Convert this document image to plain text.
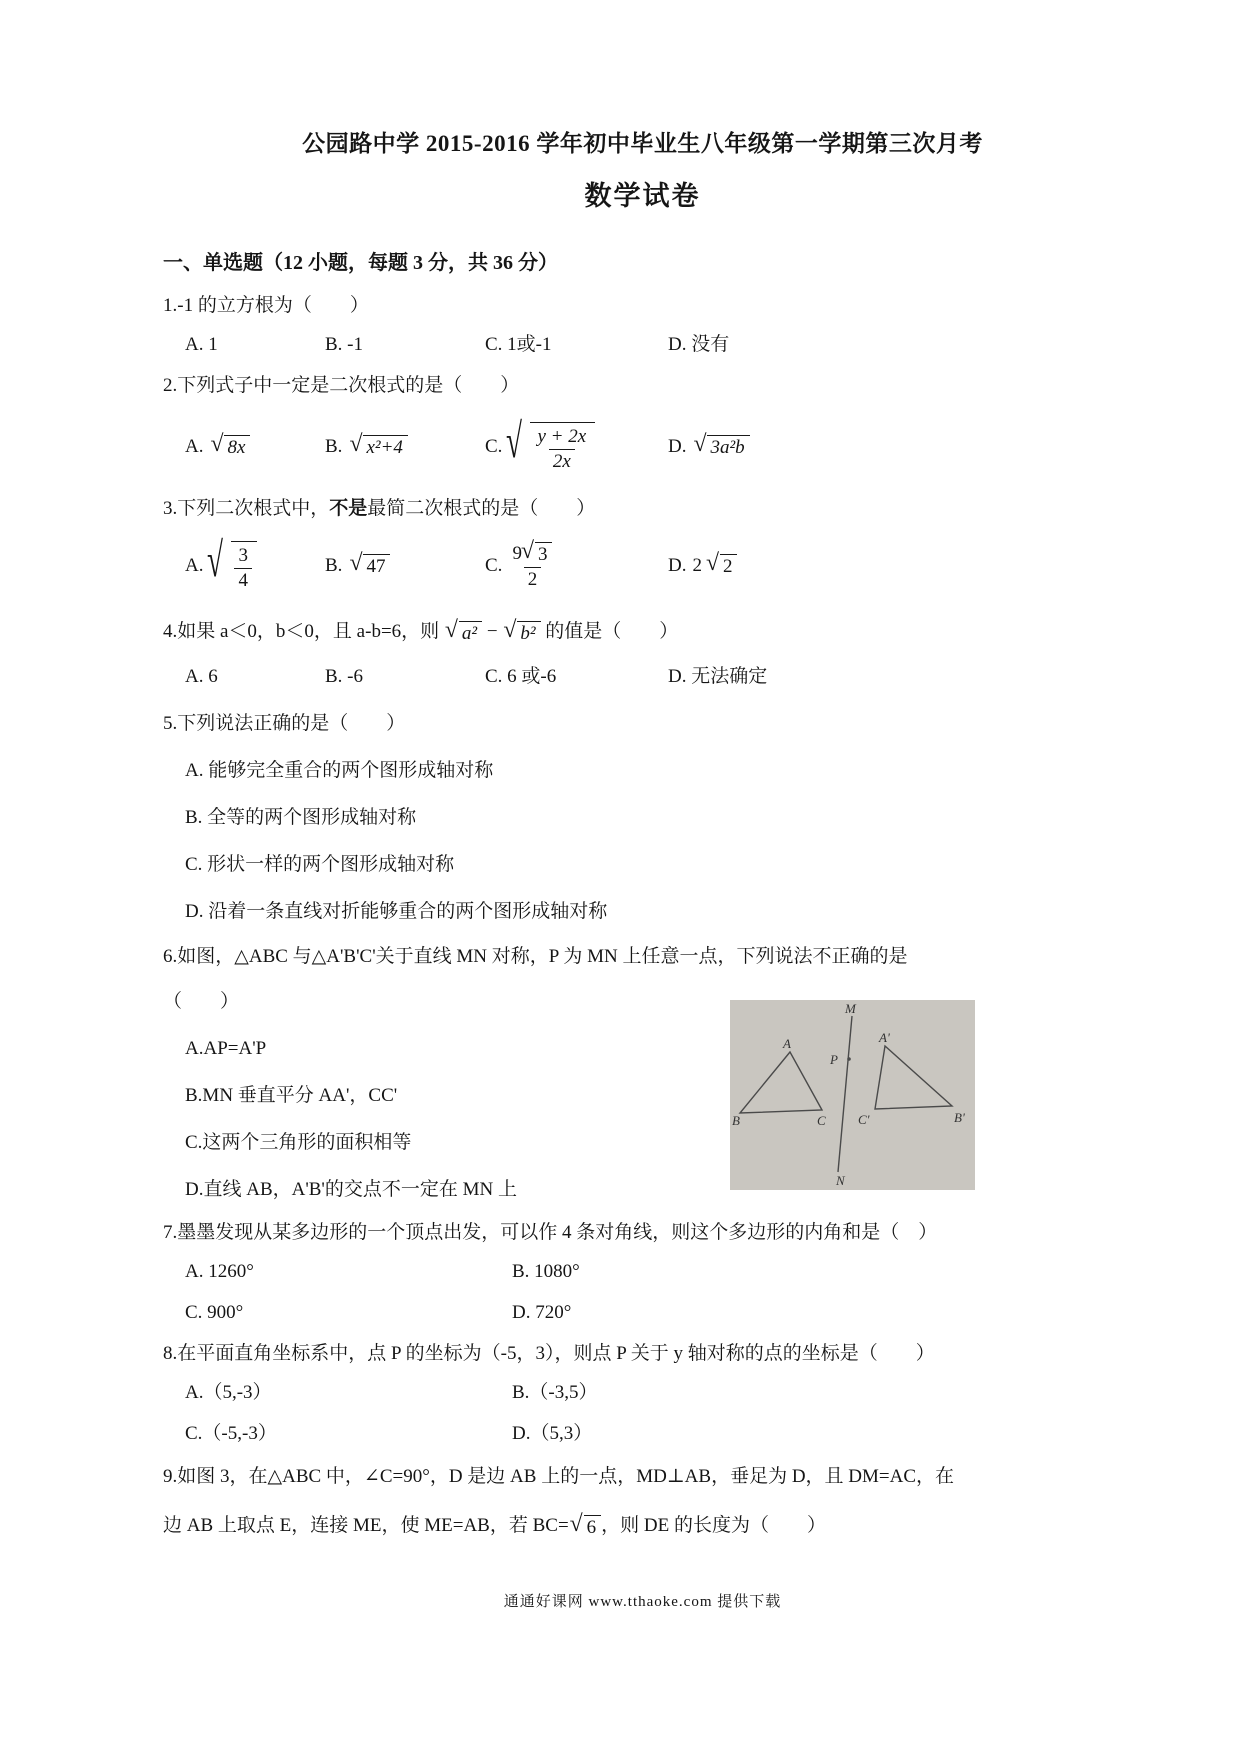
公园路中学 2015-2016 学年初中毕业生八年级第一学期第三次月考
数学试卷

一、单选题（12 小题，每题 3 分，共 36 分）

1.-1 的立方根为（　　）

A. 1	B. -1	C. 1或-1	D. 没有

2.下列式子中一定是二次根式的是（　　）

A. √ 8x	B. √ x²+4	C. √ $\frac{y + 2x}{2x}$	D. √ 3a²b

3.下列二次根式中，不是最简二次根式的是（　　）

A. √ $\frac{3}{4}$	B. √ 47	C. $\frac{9 √ 3}{2}$	D. 2 √ 2

4.如果 a＜0，b＜0，且 a-b=6，则 √ a² − √ b² 的值是（　　）

A. 6	B. -6	C. 6 或-6	D. 无法确定

5.下列说法正确的是（　　）

A. 能够完全重合的两个图形成轴对称

B. 全等的两个图形成轴对称

C. 形状一样的两个图形成轴对称

D. 沿着一条直线对折能够重合的两个图形成轴对称

6.如图，△ABC 与△A'B'C'关于直线 MN 对称，P 为 MN 上任意一点，下列说法不正确的是

（　　）

A.AP=A'P

B.MN 垂直平分 AA'，CC'

C.这两个三角形的面积相等

D.直线 AB，A'B'的交点不一定在 MN 上

M
N
P
A
B	C
A'
C'	B'

7.墨墨发现从某多边形的一个顶点出发，可以作 4 条对角线，则这个多边形的内角和是（　）

A. 1260°	B. 1080°
C. 900°	D. 720°

8.在平面直角坐标系中，点 P 的坐标为（-5，3），则点 P 关于 y 轴对称的点的坐标是（　　）

A.（5,-3）	B.（-3,5）
C.（-5,-3）	D.（5,3）

9.如图 3，在△ABC 中，∠C=90°，D 是边 AB 上的一点，MD⊥AB，垂足为 D，且 DM=AC，在

边 AB 上取点 E，连接 ME，使 ME=AB，若 BC= √ 6 ，则 DE 的长度为（　　）

通通好课网 www.tthaoke.com 提供下载
